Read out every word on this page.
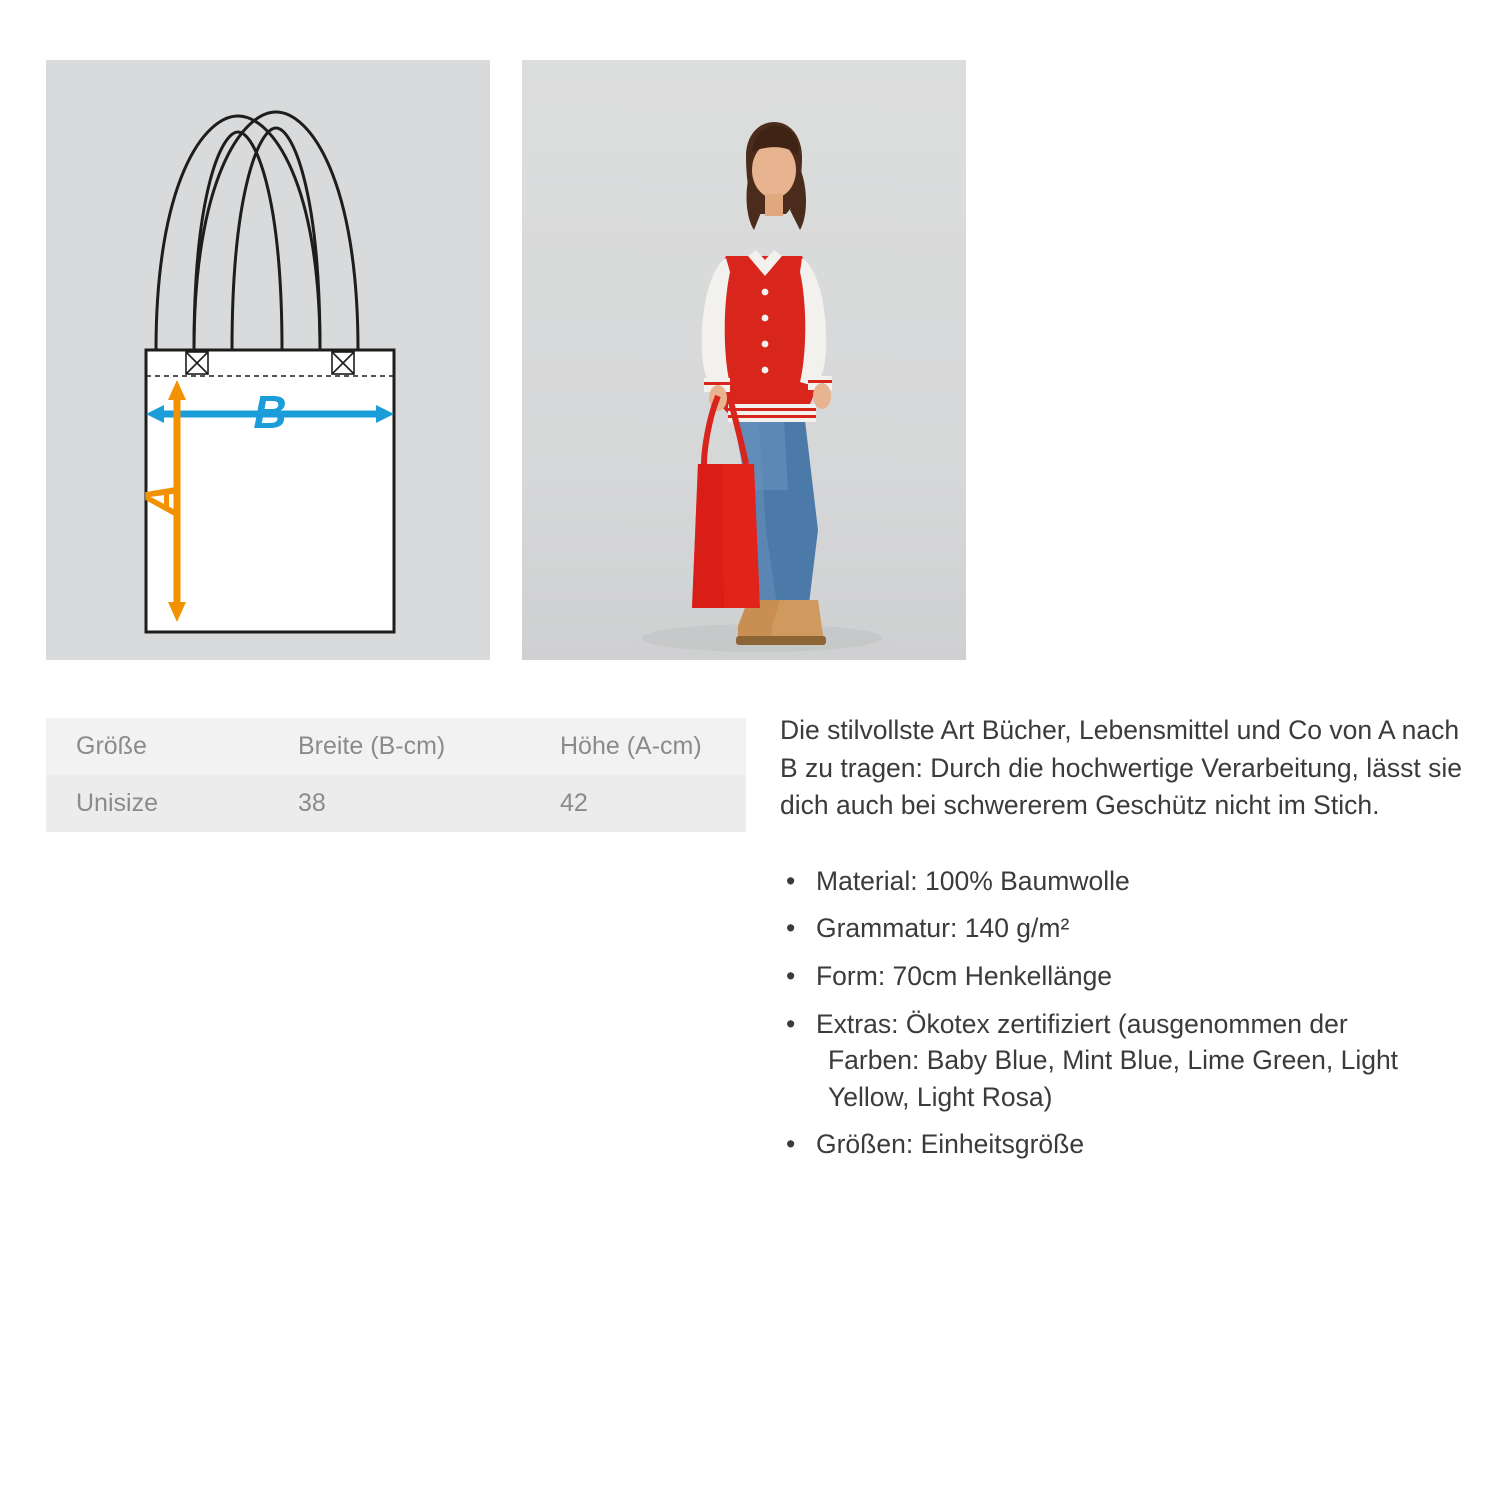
B
A
Größe	Breite (B-cm)	Höhe (A-cm)
Unisize	38	42

Die stilvollste Art Bücher, Lebensmittel und Co von A nach B zu tragen: Durch die hochwertige Verarbeitung, lässt sie dich auch bei schwererem Geschütz nicht im Stich.

• Material: 100% Baumwolle
• Grammatur: 140 g/m²
• Form: 70cm Henkellänge
• Extras: Ökotex zertifiziert (ausgenommen der
Farben: Baby Blue, Mint Blue, Lime Green, Light Yellow, Light Rosa)
• Größen: Einheitsgröße
